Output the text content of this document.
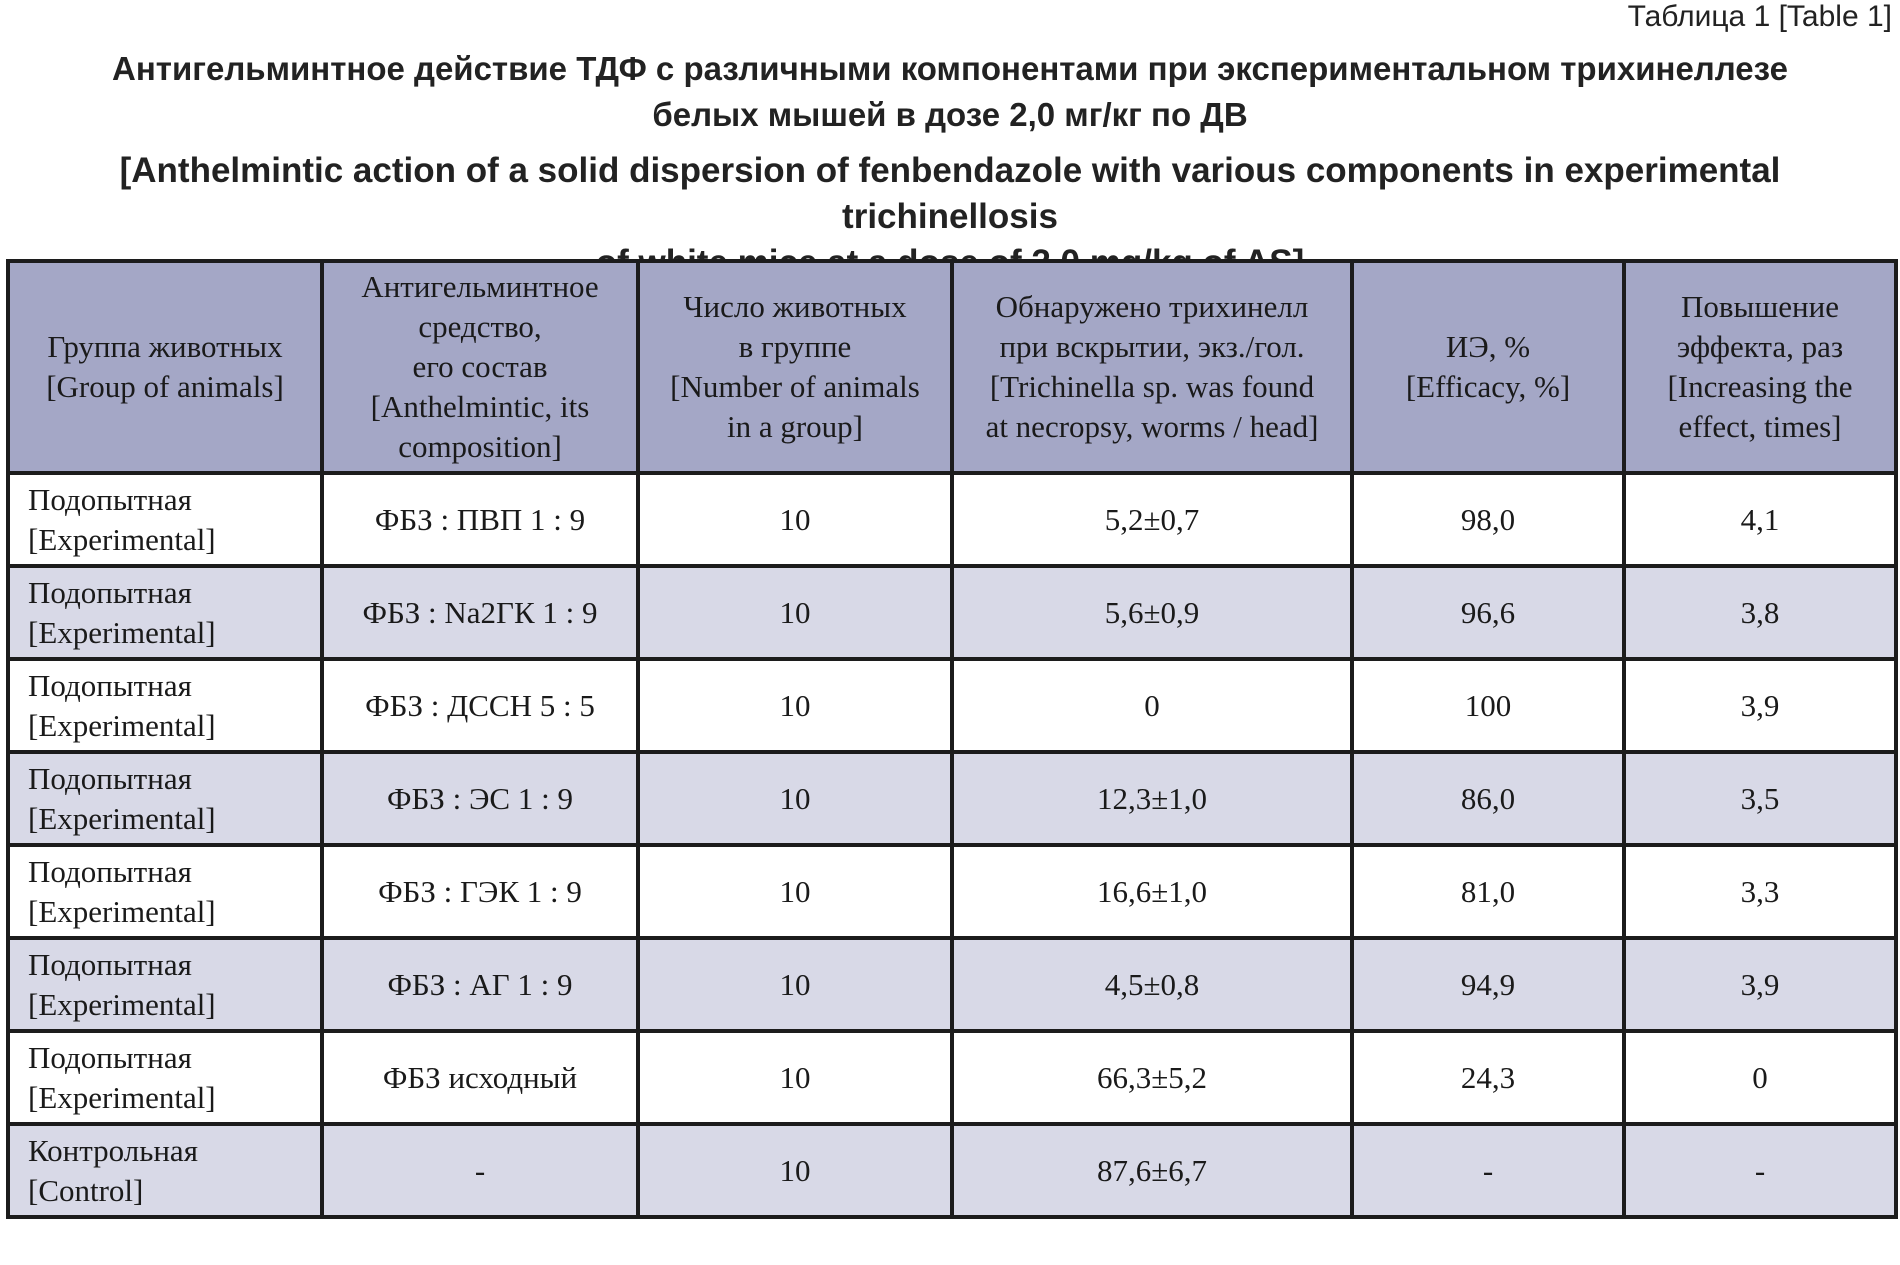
Таблица 1 [Table 1]
Антигельминтное действие ТДФ с различными компонентами при экспериментальном трихинеллезе
белых мышей в дозе 2,0 мг/кг по ДВ
[Anthelmintic action of a solid dispersion of fenbendazole with various components in experimental trichinellosis
Группа животных
[Group of animals]	Антигельминтное
средство,
его состав
[Anthelmintic, its
composition]	Число животных
в группе
[Number of animals
in a group]	Обнаружено трихинелл
при вскрытии, экз./гол.
[Trichinella sp. was found
at necropsy, worms / head]	ИЭ, %
[Efficacy, %]	Повышение
эффекта, раз
[Increasing the
effect, times]

Подопытная
[Experimental]	ФБЗ : ПВП 1 : 9	10	5,2±0,7	98,0	4,1

Подопытная
[Experimental]	ФБЗ : Na2ГК 1 : 9	10	5,6±0,9	96,6	3,8

Подопытная
[Experimental]	ФБЗ : ДССН 5 : 5	10	0	100	3,9

Подопытная
[Experimental]	ФБЗ : ЭС 1 : 9	10	12,3±1,0	86,0	3,5

Подопытная
[Experimental]	ФБЗ : ГЭК 1 : 9	10	16,6±1,0	81,0	3,3

Подопытная
[Experimental]	ФБЗ : АГ 1 : 9	10	4,5±0,8	94,9	3,9

Подопытная
[Experimental]	ФБЗ исходный	10	66,3±5,2	24,3	0

Контрольная
[Control]	-	10	87,6±6,7	-	-
